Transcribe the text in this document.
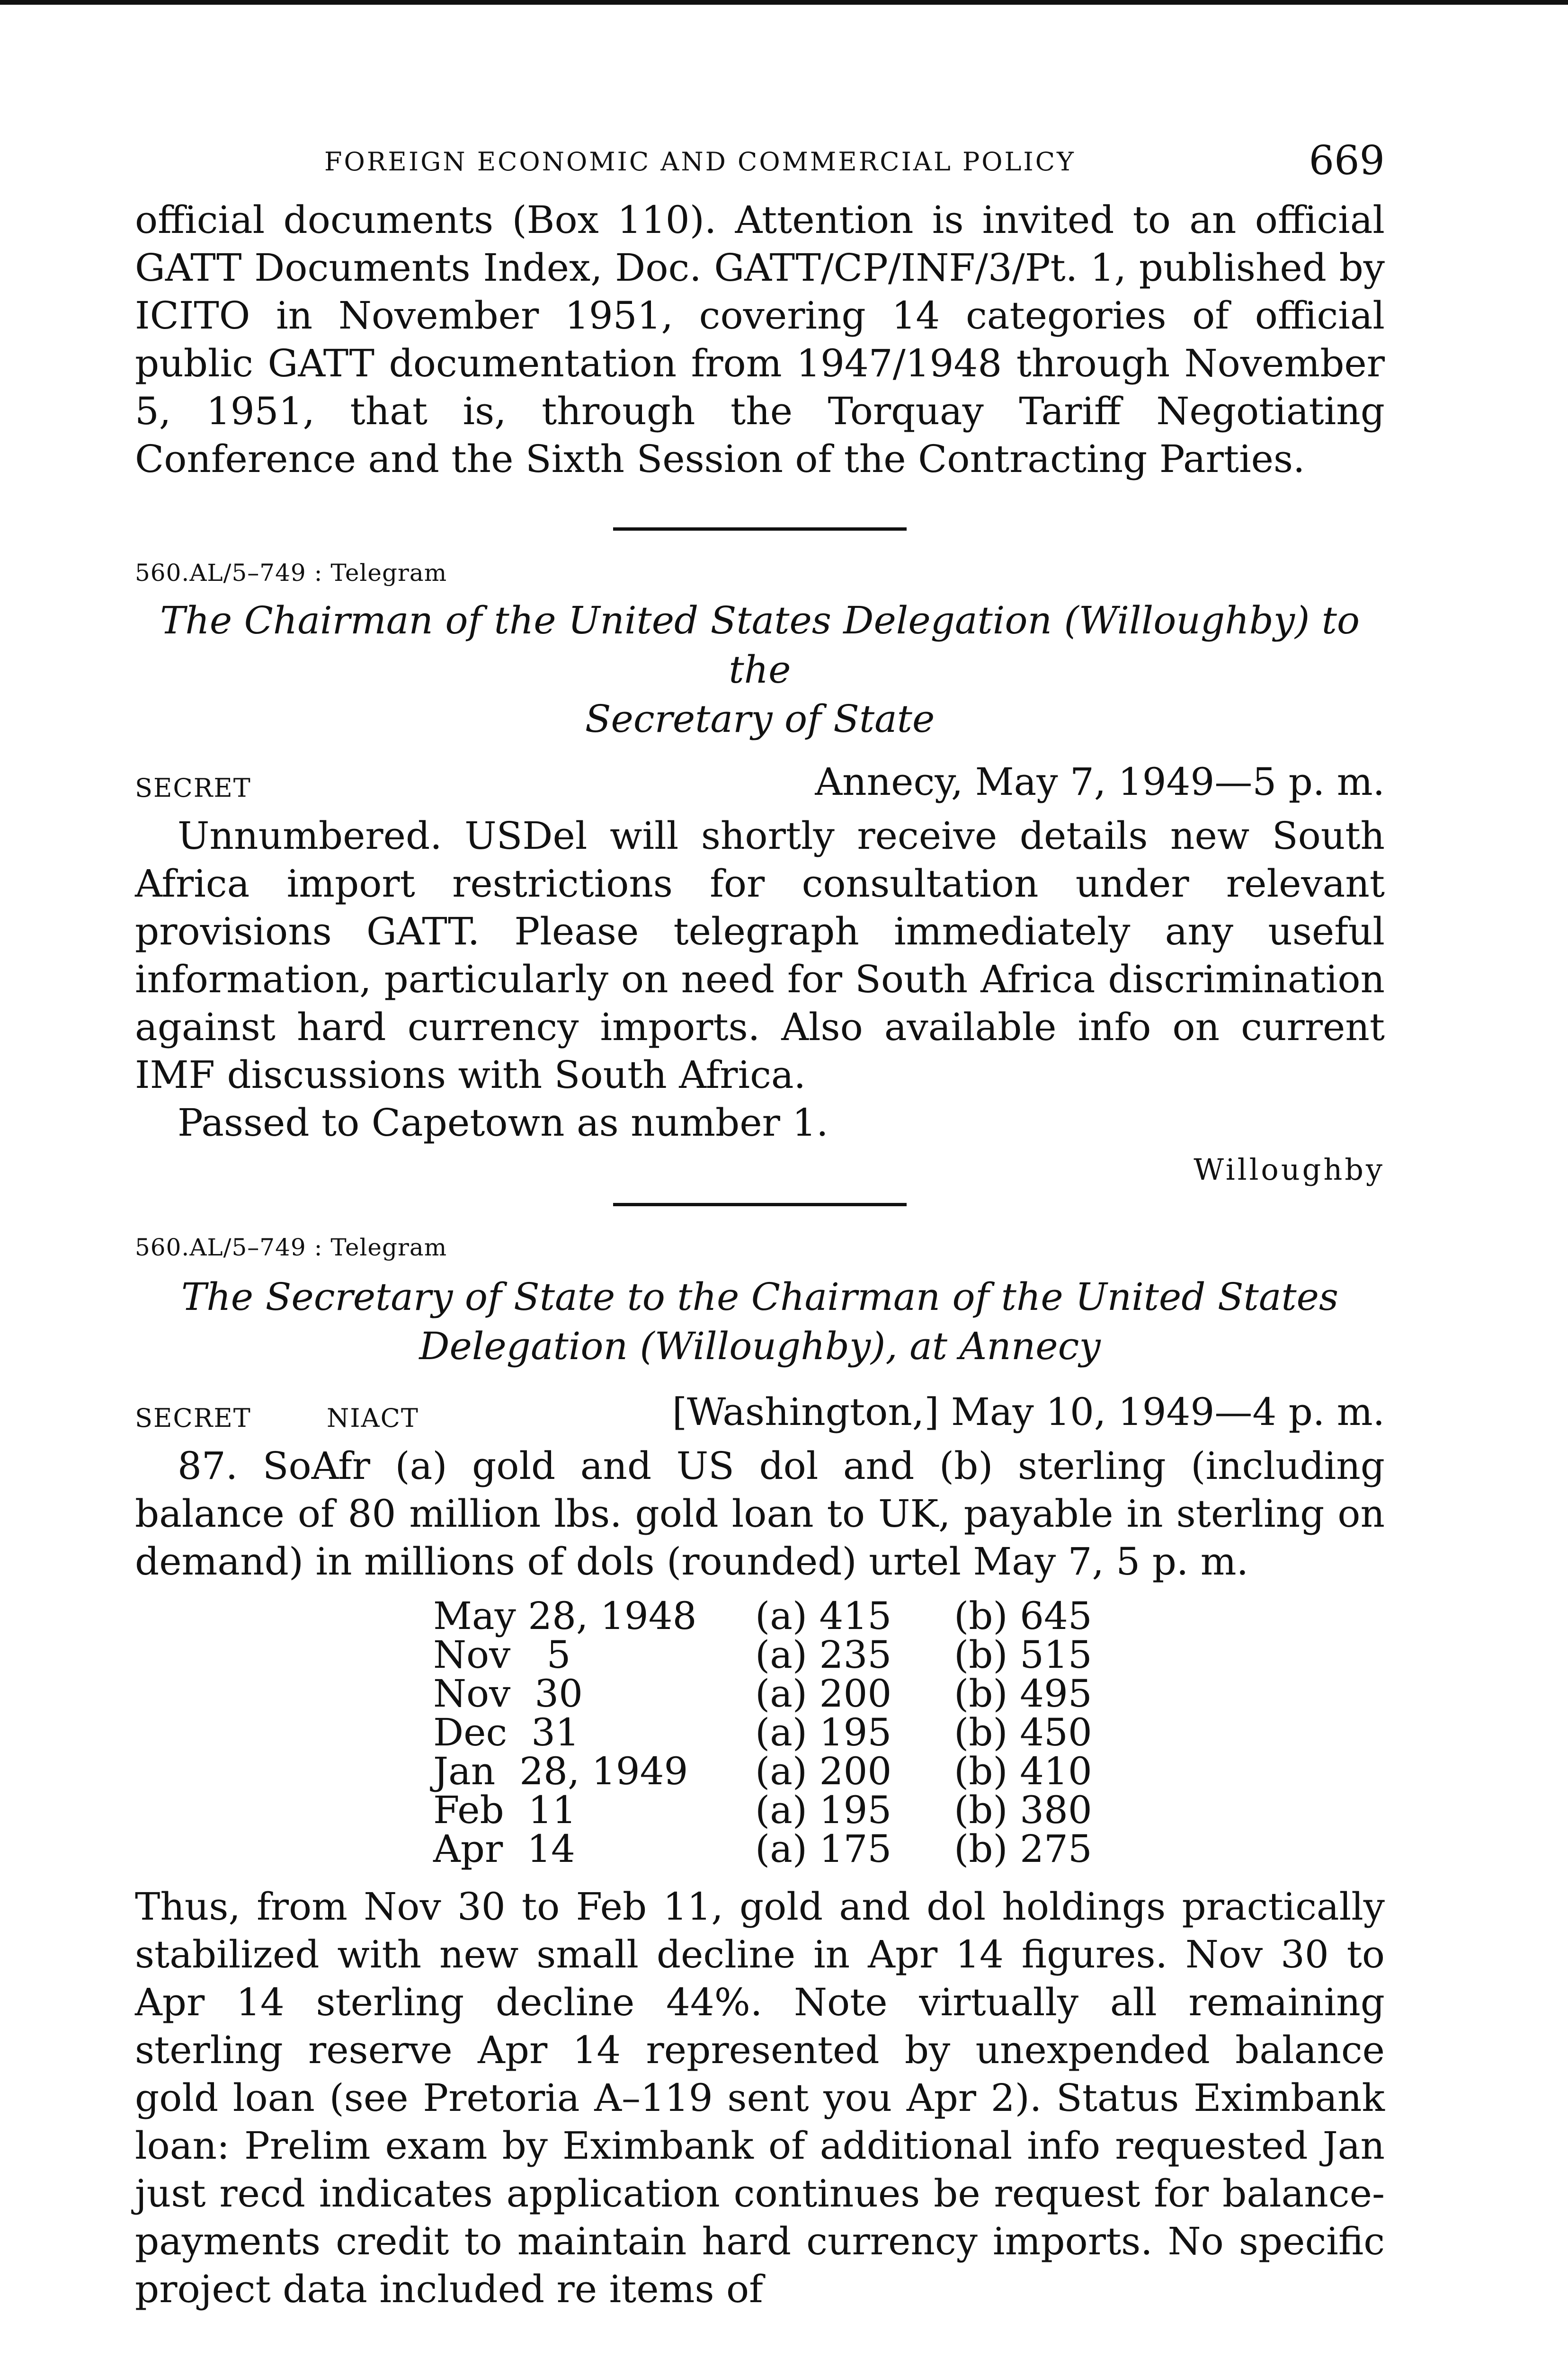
FOREIGN ECONOMIC AND COMMERCIAL POLICY	669

official documents (Box 110). Attention is invited to an official GATT Documents Index, Doc. GATT/CP/INF/3/Pt. 1, published by ICITO in November 1951, covering 14 categories of official public GATT documentation from 1947/1948 through November 5, 1951, that is, through the Torquay Tariff Negotiating Conference and the Sixth Session of the Contracting Parties.

560.AL/5–749 : Telegram

The Chairman of the United States Delegation (Willoughby) to the

Secretary of State

SECRET	Annecy, May 7, 1949—5 p. m.

Unnumbered. USDel will shortly receive details new South Africa import restrictions for consultation under relevant provisions GATT. Please telegraph immediately any useful information, particularly on need for South Africa discrimination against hard currency imports. Also available info on current IMF discussions with South Africa.

Passed to Capetown as number 1.

Willoughby

560.AL/5–749 : Telegram

The Secretary of State to the Chairman of the United States

Delegation (Willoughby), at Annecy

SECRET	NIACT	[Washington,] May 10, 1949—4 p. m.

87. SoAfr (a) gold and US dol and (b) sterling (including balance of 80 million lbs. gold loan to UK, payable in sterling on demand) in millions of dols (rounded) urtel May 7, 5 p. m.

May 28, 1948	(a) 415	(b) 645
Nov   5	(a) 235	(b) 515
Nov  30	(a) 200	(b) 495
Dec  31	(a) 195	(b) 450
Jan  28, 1949	(a) 200	(b) 410
Feb  11	(a) 195	(b) 380
Apr  14	(a) 175	(b) 275

Thus, from Nov 30 to Feb 11, gold and dol holdings practically stabilized with new small decline in Apr 14 figures. Nov 30 to Apr 14 sterling decline 44%. Note virtually all remaining sterling reserve Apr 14 represented by unexpended balance gold loan (see Pretoria A–119 sent you Apr 2). Status Eximbank loan: Prelim exam by Eximbank of additional info requested Jan just recd indicates application continues be request for balance-payments credit to maintain hard currency imports. No specific project data included re items of
